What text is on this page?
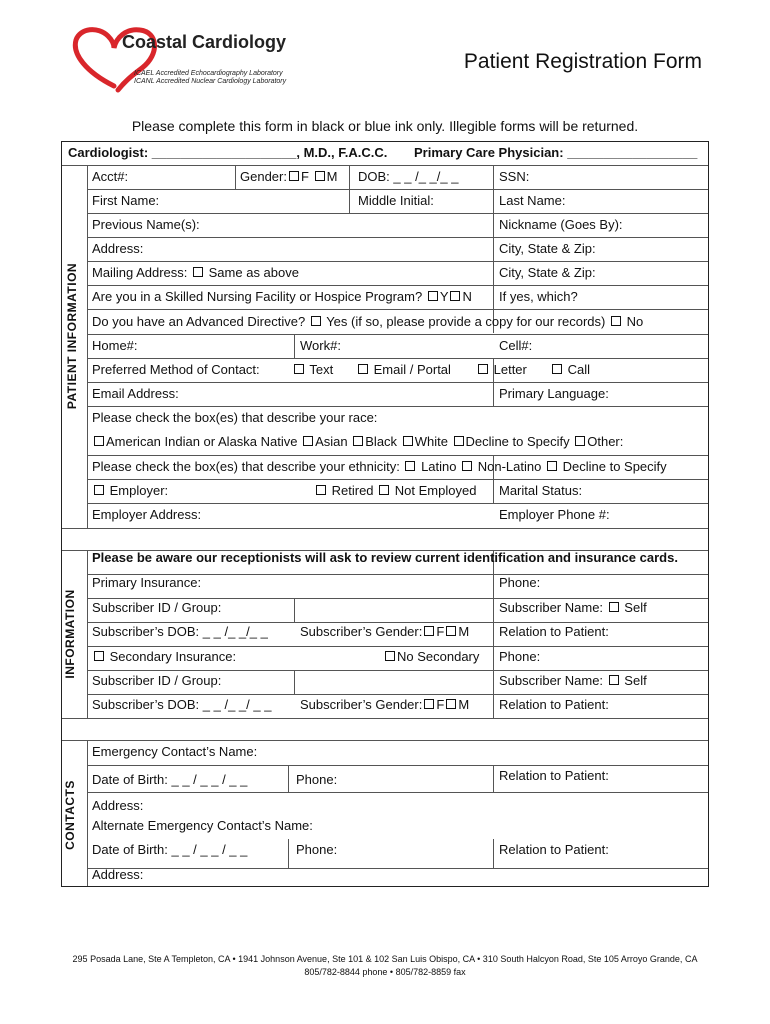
Coastal Cardiology
ICAEL Accredited Echocardiography Laboratory
ICANL Accredited Nuclear Cardiology Laboratory
Patient Registration Form
Please complete this form in black or blue ink only. Illegible forms will be returned.
PATIENT INFORMATION
INFORMATION
CONTACTS
Cardiologist: ____________________, M.D., F.A.C.C. Primary Care Physician: __________________
Acct#:	Gender: F M DOB: _ _ /_ _/_ _	SSN:
First Name:	Middle Initial:	Last Name:
Previous Name(s):	Nickname (Goes By):
Address:	City, State & Zip:
Mailing Address: Same as above	City, State & Zip:
Are you in a Skilled Nursing Facility or Hospice Program? Y N If yes, which?
Do you have an Advanced Directive? Yes (if so, please provide a copy for our records) No
Home#:	Work#:	Cell#:
Preferred Method of Contact:	Text	Email / Portal	Letter	Call
Email Address:	Primary Language:
Please check the box(es) that describe your race:
American Indian or Alaska Native Asian Black White Decline to Specify Other:
Please check the box(es) that describe your ethnicity: Latino Non-Latino Decline to Specify
Employer:	Retired Not Employed Marital Status:
Employer Address:	Employer Phone #:
Please be aware our receptionists will ask to review current identification and insurance cards.
Primary Insurance:	Phone:
Subscriber ID / Group:	Subscriber Name: Self
Subscriber’s DOB: _ _ /_ _/_ _ Subscriber’s Gender: F M Relation to Patient:
Secondary Insurance:	No Secondary Phone:
Subscriber ID / Group:	Subscriber Name: Self
Subscriber’s DOB: _ _ /_ _/ _ _ Subscriber’s Gender: F M Relation to Patient:
Emergency Contact’s Name:
Date of Birth: _ _ / _ _ / _ _	Phone:	Relation to Patient:
Address:
Alternate Emergency Contact’s Name:
Date of Birth: _ _ / _ _ / _ _	Phone:	Relation to Patient:
Address:
295 Posada Lane, Ste A Templeton, CA • 1941 Johnson Avenue, Ste 101 & 102 San Luis Obispo, CA • 310 South Halcyon Road, Ste 105 Arroyo Grande, CA
805/782-8844 phone • 805/782-8859 fax
